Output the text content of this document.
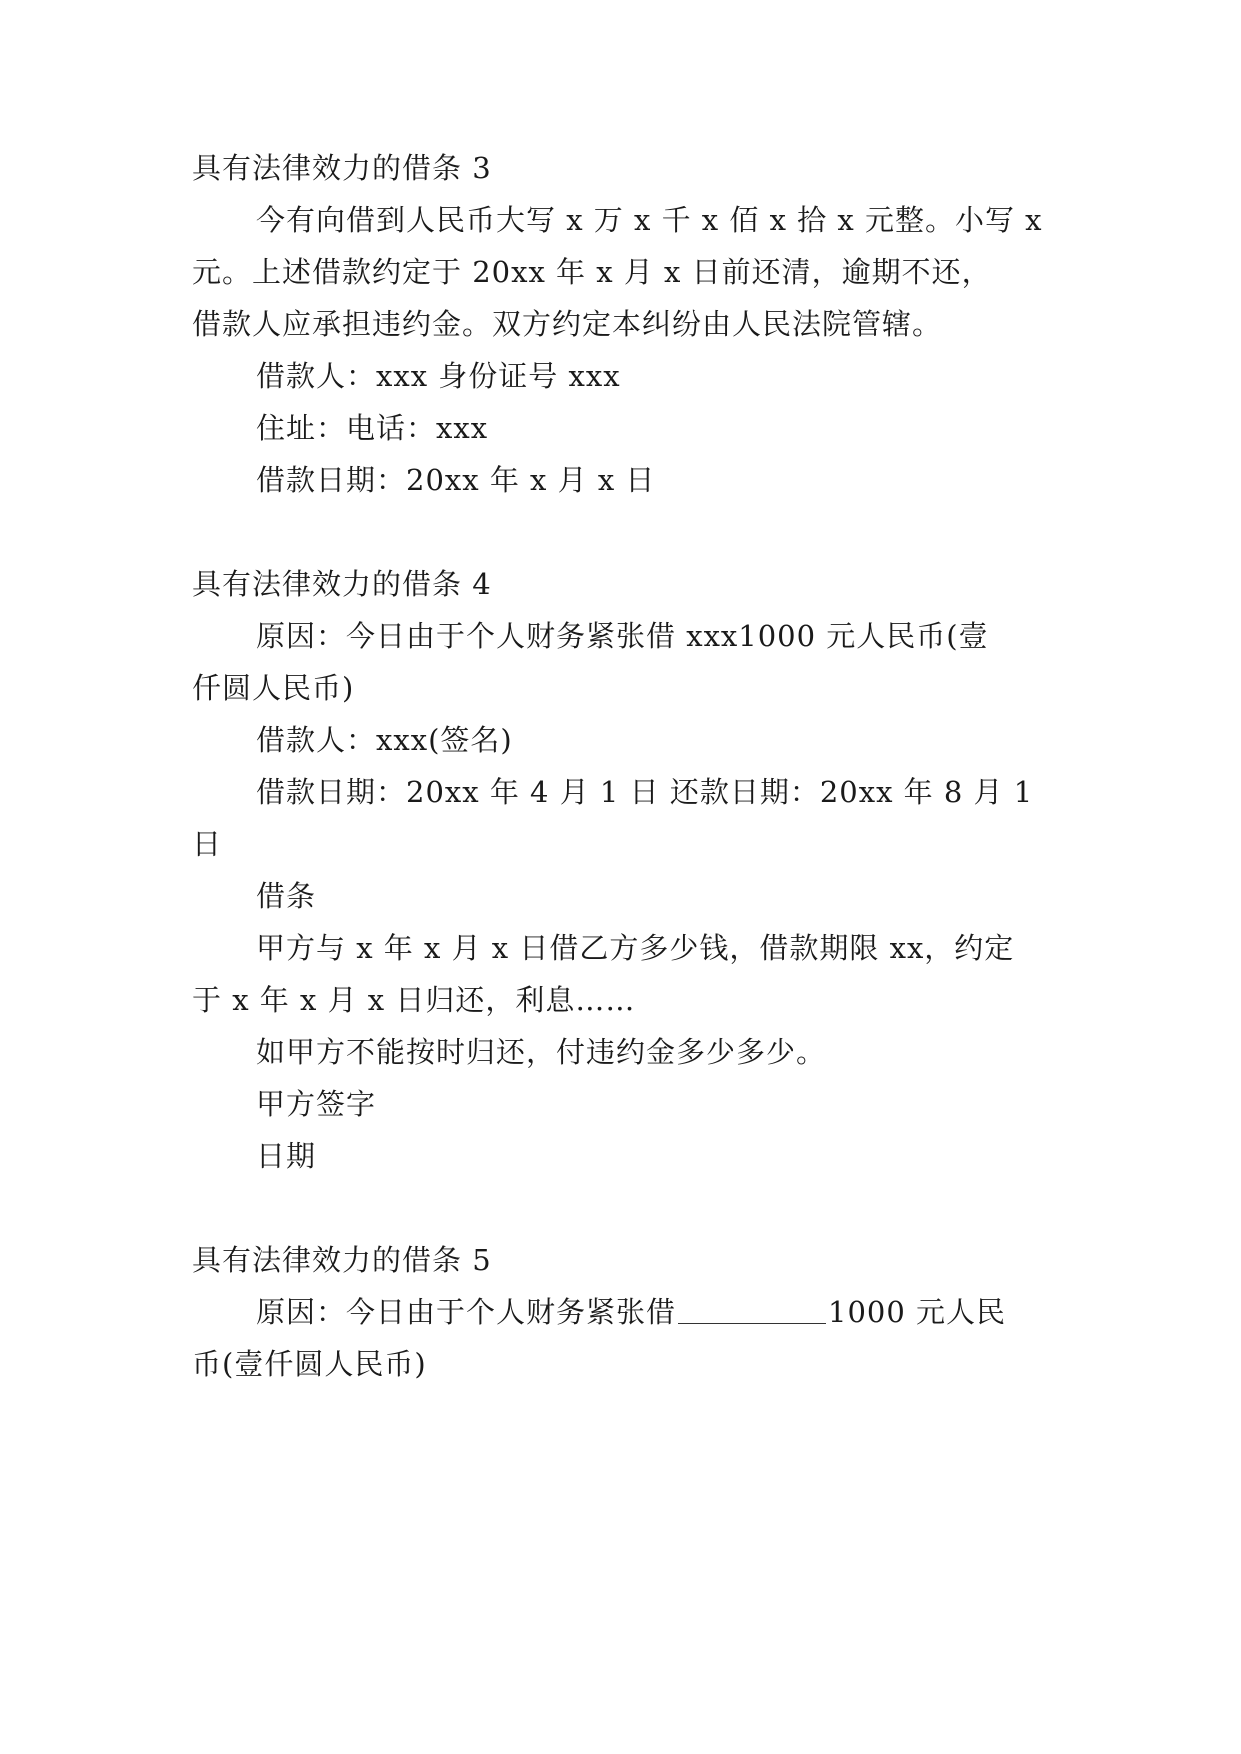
具有法律效力的借条 3
今有向借到人民币大写 x 万 x 千 x 佰 x 拾 x 元整。小写 x
元。上述借款约定于 20xx 年 x 月 x 日前还清，逾期不还，
借款人应承担违约金。双方约定本纠纷由人民法院管辖。
借款人：xxx 身份证号 xxx
住址：电话：xxx
借款日期：20xx 年 x 月 x 日
具有法律效力的借条 4
原因：今日由于个人财务紧张借 xxx1000 元人民币(壹
仟圆人民币)
借款人：xxx(签名)
借款日期：20xx 年 4 月 1 日 还款日期：20xx 年 8 月 1
日
借条
甲方与 x 年 x 月 x 日借乙方多少钱，借款期限 xx，约定
于 x 年 x 月 x 日归还，利息……
如甲方不能按时归还，付违约金多少多少。
甲方签字
日期
具有法律效力的借条 5
原因：今日由于个人财务紧张借	1000 元人民
币(壹仟圆人民币)
